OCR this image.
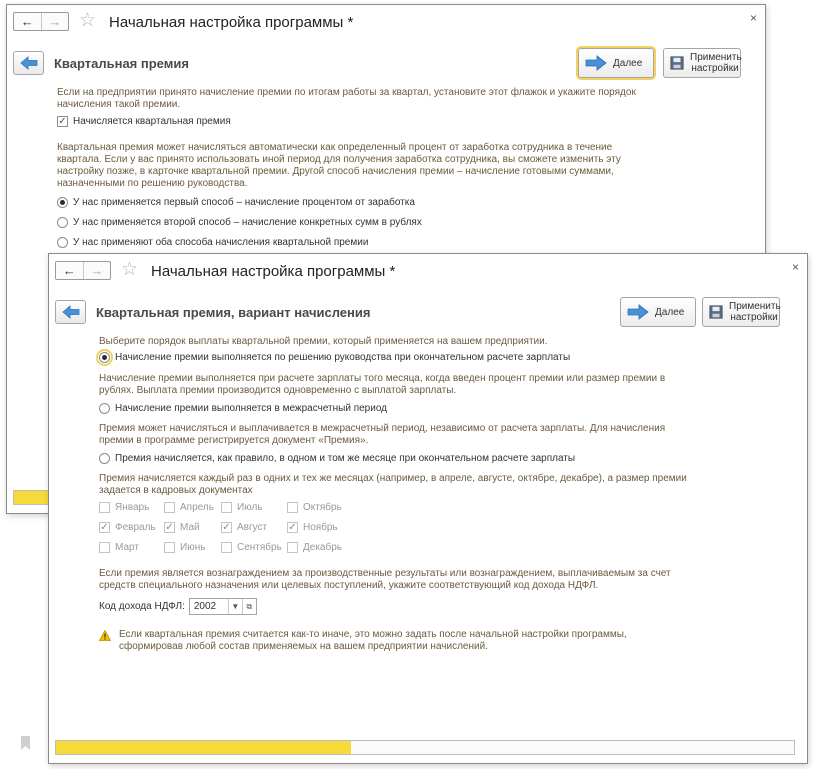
← → ☆ Начальная настройка программы *	×
Квартальная премия	Далее	Применить настройки
Если на предприятии принято начисление премии по итогам работы за квартал, установите этот флажок и укажите порядок начисления такой премии.
✓ Начисляется квартальная премия
Квартальная премия может начисляться автоматически как определенный процент от заработка сотрудника в течение квартала. Если у вас принято использовать иной период для получения заработка сотрудника, вы сможете изменить эту настройку позже, в карточке квартальной премии. Другой способ начисления премии – начисление готовыми суммами, назначенными по решению руководства.
У нас применяется первый способ – начисление процентом от заработка
У нас применяется второй способ – начисление конкретных сумм в рублях
У нас применяют оба способа начисления квартальной премии
← → ☆ Начальная настройка программы *	×
Квартальная премия, вариант начисления	Далее	Применить настройки
Выберите порядок выплаты квартальной премии, который применяется на вашем предприятии.
Начисление премии выполняется по решению руководства при окончательном расчете зарплаты
Начисление премии выполняется при расчете зарплаты того месяца, когда введен процент премии или размер премии в рублях. Выплата премии производится одновременно с выплатой зарплаты.
Начисление премии выполняется в межрасчетный период
Премия может начисляться и выплачивается в межрасчетный период, независимо от расчета зарплаты. Для начисления премии в программе регистрируется документ «Премия».
Премия начисляется, как правило, в одном и том же месяце при окончательном расчете зарплаты
Премия начисляется каждый раз в одних и тех же месяцах (например, в апреле, августе, октябре, декабре), а размер премии задается в кадровых документах
Январь	Апрель Июль	Октябрь
✓ Февраль ✓ Май ✓ Август ✓ Ноябрь
Март	Июнь	Сентябрь Декабрь
Если премия является вознаграждением за производственные результаты или вознаграждением, выплачиваемым за счет средств специального назначения или целевых поступлений, укажите соответствующий код дохода НДФЛ.
Код дохода НДФЛ: 2002	▼ ⧉
Если квартальная премия считается как-то иначе, это можно задать после начальной настройки программы, сформировав любой состав применяемых на вашем предприятии начислений.
